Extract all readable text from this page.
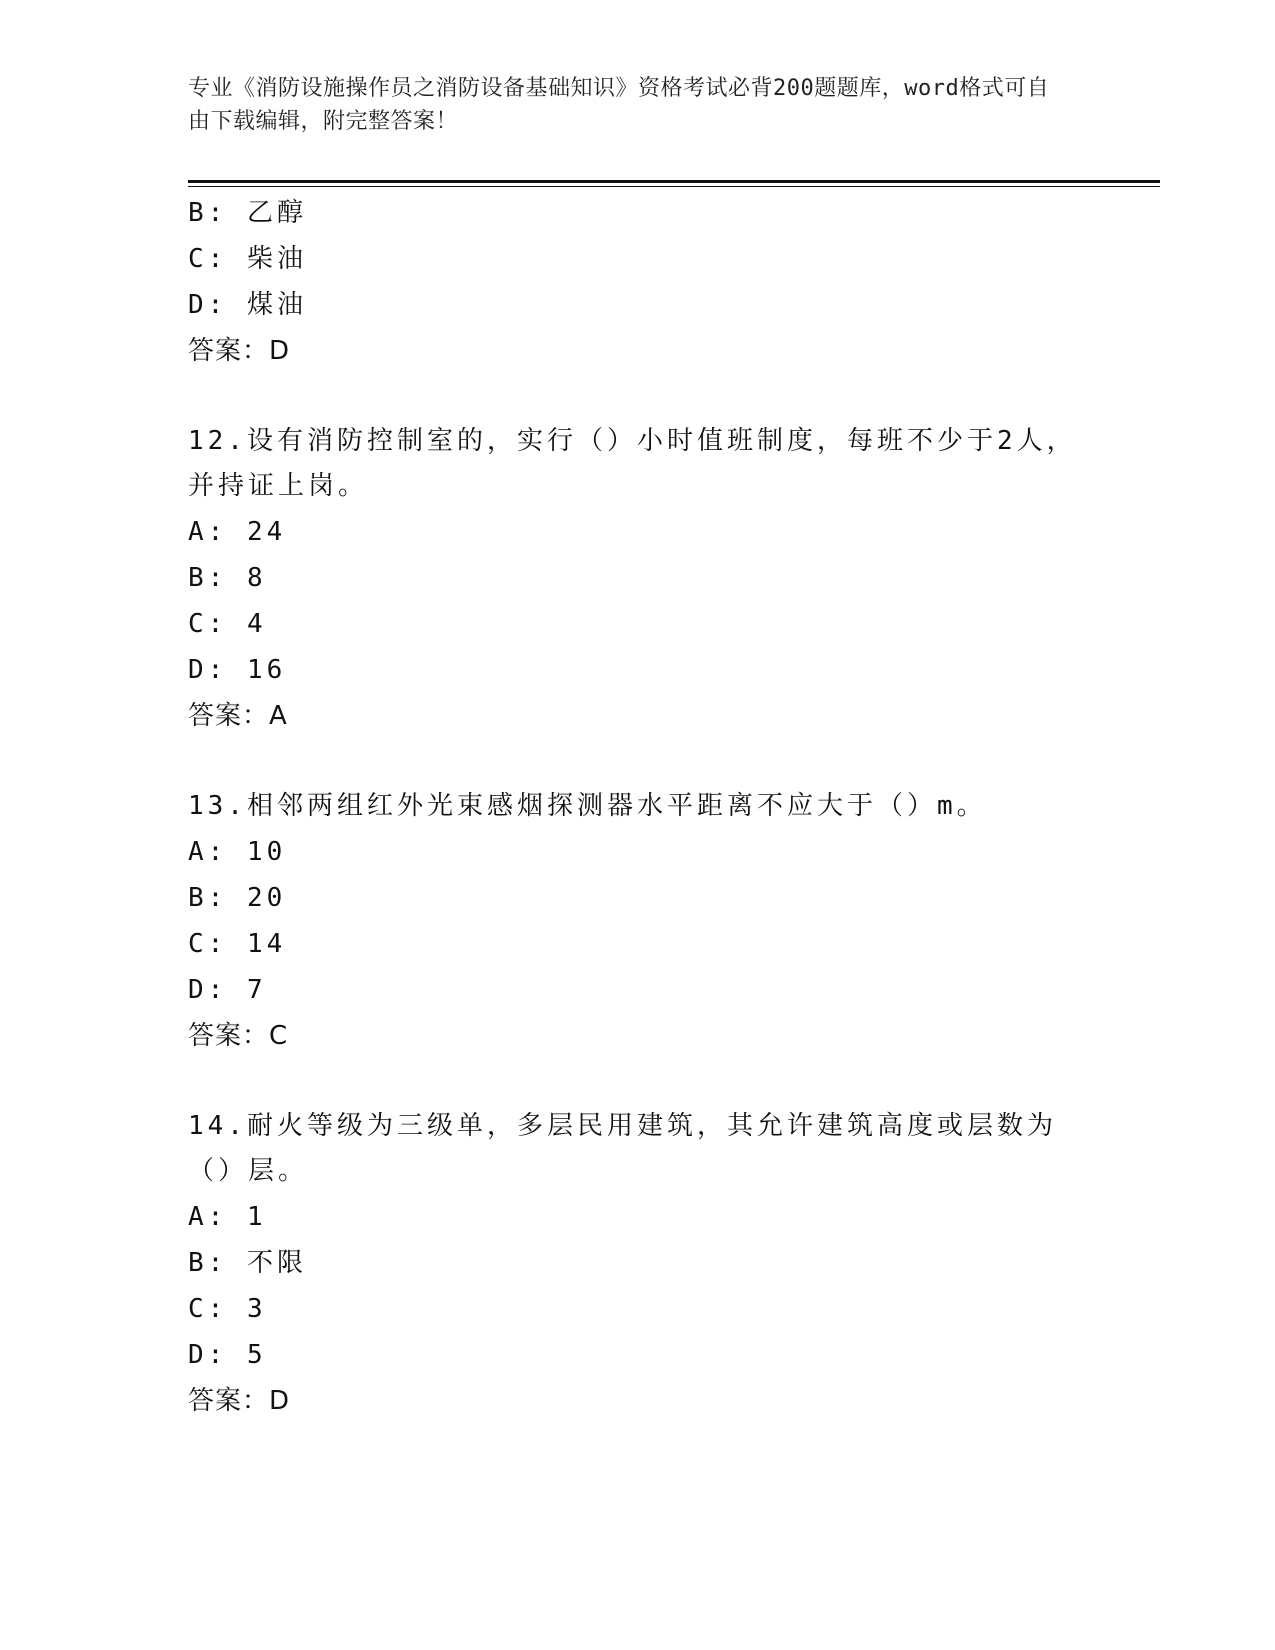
专业《消防设施操作员之消防设备基础知识》资格考试必背200题题库，word格式可自由下载编辑，附完整答案！
B: 乙醇
C: 柴油
D: 煤油
答案：D
12.设有消防控制室的，实行（）小时值班制度，每班不少于2人，并持证上岗。
A: 24
B: 8
C: 4
D: 16
答案：A
13.相邻两组红外光束感烟探测器水平距离不应大于（）m。
A: 10
B: 20
C: 14
D: 7
答案：C
14.耐火等级为三级单，多层民用建筑，其允许建筑高度或层数为（）层。
A: 1
B: 不限
C: 3
D: 5
答案：D
